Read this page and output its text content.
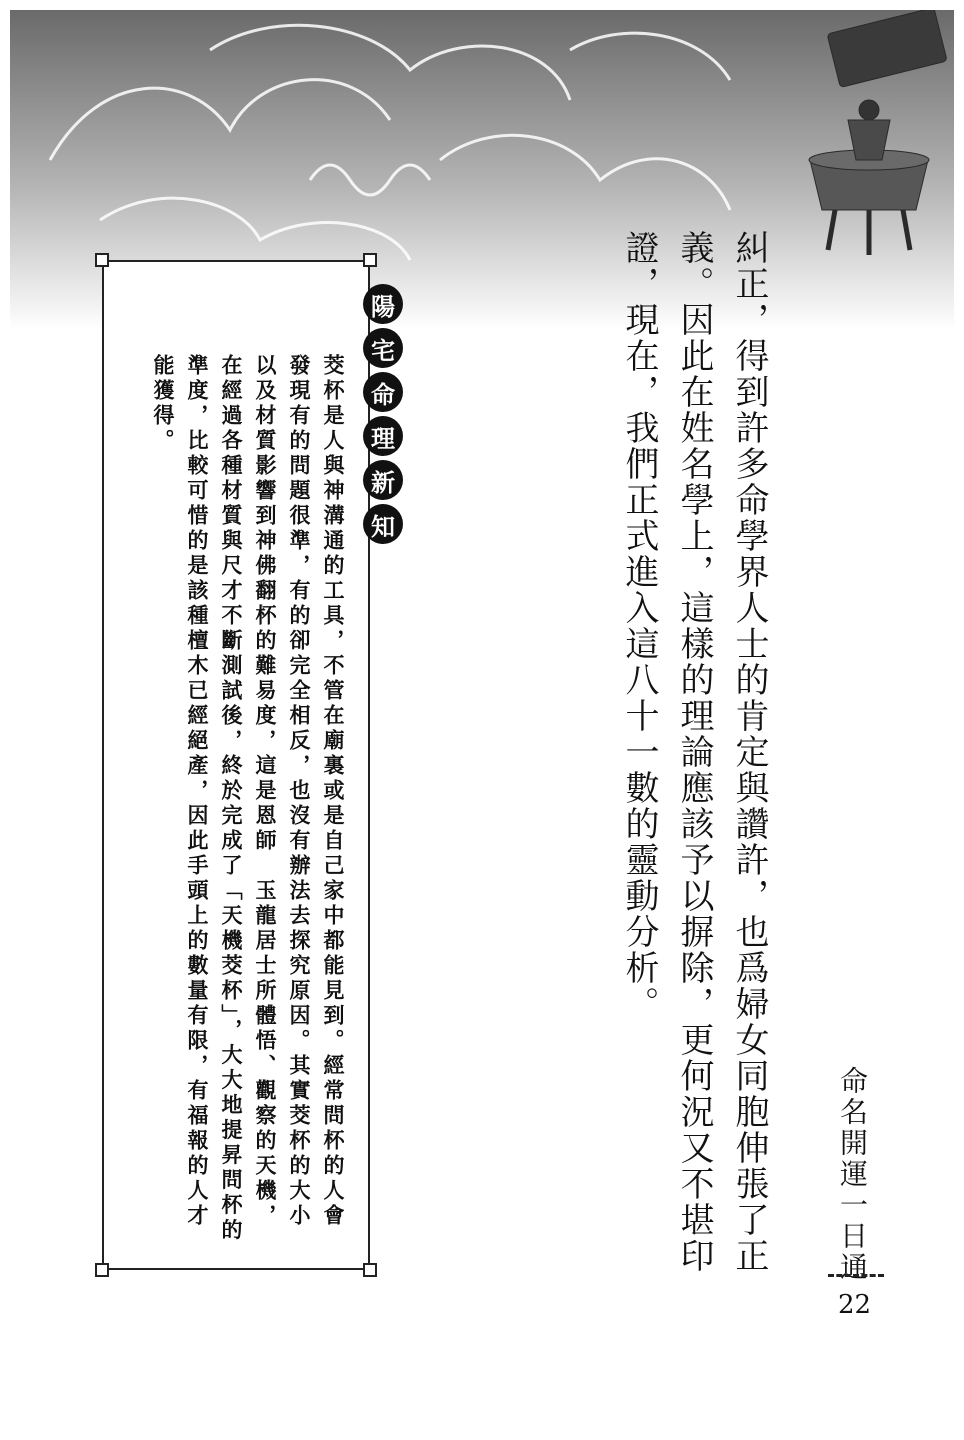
糾正，得到許多命學界人士的肯定與讚許，也爲婦女同胞伸張了正義。因此在姓名學上，這樣的理論應該予以摒除，更何況又不堪印證，現在，我們正式進入這八十一數的靈動分析。

茭杯是人與神溝通的工具，不管在廟裏或是自己家中都能見到。經常問杯的人會發現有的問題很準，有的卻完全相反，也沒有辦法去探究原因。其實茭杯的大小以及材質影響到神佛翻杯的難易度，這是恩師　玉龍居士所體悟、觀察的天機，在經過各種材質與尺才不斷測試後，終於完成了「天機茭杯」，大大地提昇問杯的準度，比較可惜的是該種檀木已經絕產，因此手頭上的數量有限，有福報的人才能獲得。

陽
宅
命
理
新
知

命名開運一日通

22
